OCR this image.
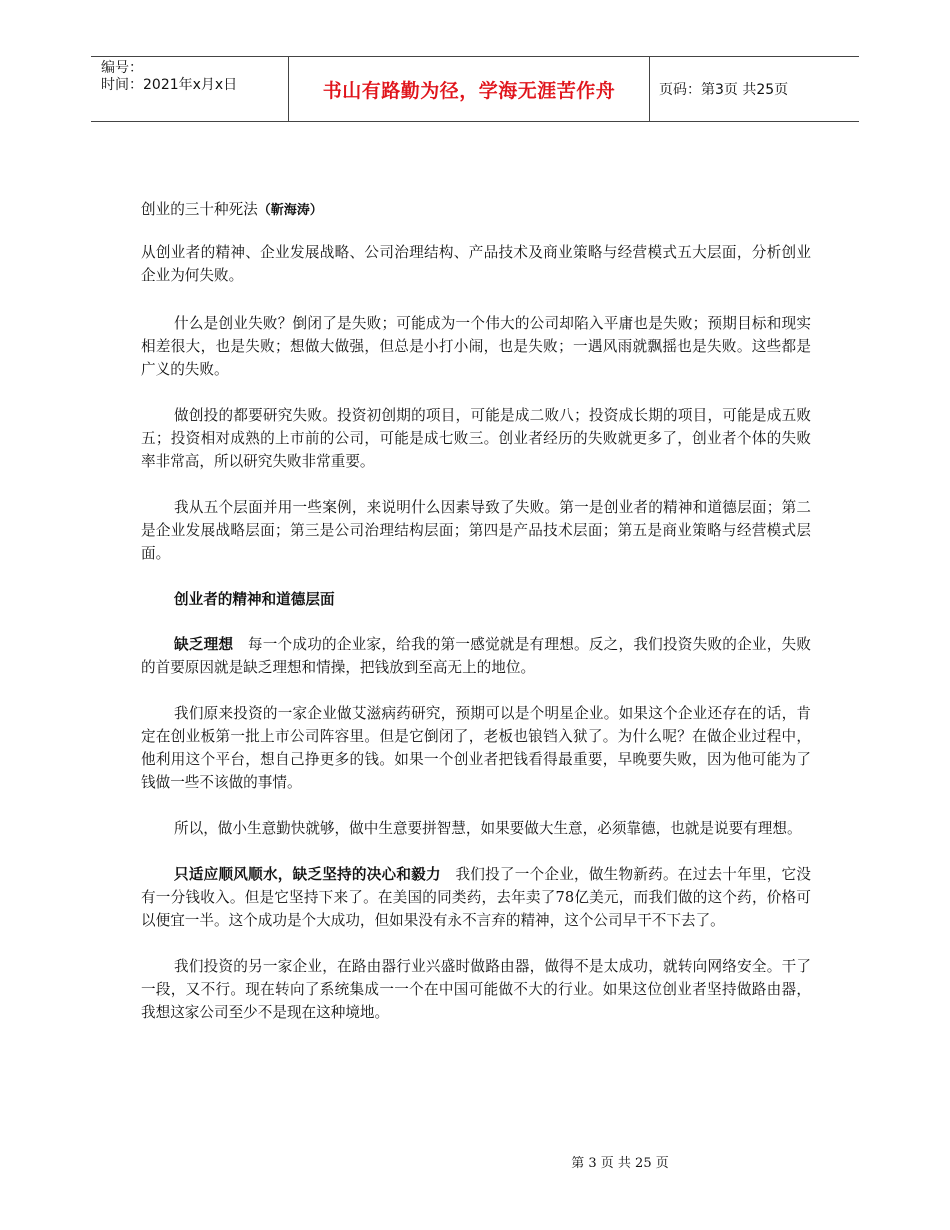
编号：
时间：2021年x月x日	书山有路勤为径，学海无涯苦作舟	页码：第3页 共25页

创业的三十种死法（靳海涛）

从创业者的精神、企业发展战略、公司治理结构、产品技术及商业策略与经营模式五大层面，分析创业企业为何失败。

什么是创业失败？倒闭了是失败；可能成为一个伟大的公司却陷入平庸也是失败；预期目标和现实相差很大，也是失败；想做大做强，但总是小打小闹，也是失败；一遇风雨就飘摇也是失败。这些都是广义的失败。

做创投的都要研究失败。投资初创期的项目，可能是成二败八；投资成长期的项目，可能是成五败五；投资相对成熟的上市前的公司，可能是成七败三。创业者经历的失败就更多了，创业者个体的失败率非常高，所以研究失败非常重要。

我从五个层面并用一些案例，来说明什么因素导致了失败。第一是创业者的精神和道德层面；第二是企业发展战略层面；第三是公司治理结构层面；第四是产品技术层面；第五是商业策略与经营模式层面。

创业者的精神和道德层面

缺乏理想 每一个成功的企业家，给我的第一感觉就是有理想。反之，我们投资失败的企业，失败的首要原因就是缺乏理想和情操，把钱放到至高无上的地位。

我们原来投资的一家企业做艾滋病药研究，预期可以是个明星企业。如果这个企业还存在的话，肯定在创业板第一批上市公司阵容里。但是它倒闭了，老板也锒铛入狱了。为什么呢？在做企业过程中，他利用这个平台，想自己挣更多的钱。如果一个创业者把钱看得最重要，早晚要失败，因为他可能为了钱做一些不该做的事情。

所以，做小生意勤快就够，做中生意要拼智慧，如果要做大生意，必须靠德，也就是说要有理想。

只适应顺风顺水，缺乏坚持的决心和毅力 我们投了一个企业，做生物新药。在过去十年里，它没有一分钱收入。但是它坚持下来了。在美国的同类药，去年卖了78亿美元，而我们做的这个药，价格可以便宜一半。这个成功是个大成功，但如果没有永不言弃的精神，这个公司早干不下去了。

我们投资的另一家企业，在路由器行业兴盛时做路由器，做得不是太成功，就转向网络安全。干了一段，又不行。现在转向了系统集成一一个在中国可能做不大的行业。如果这位创业者坚持做路由器，我想这家公司至少不是现在这种境地。

第 3 页 共 25 页
